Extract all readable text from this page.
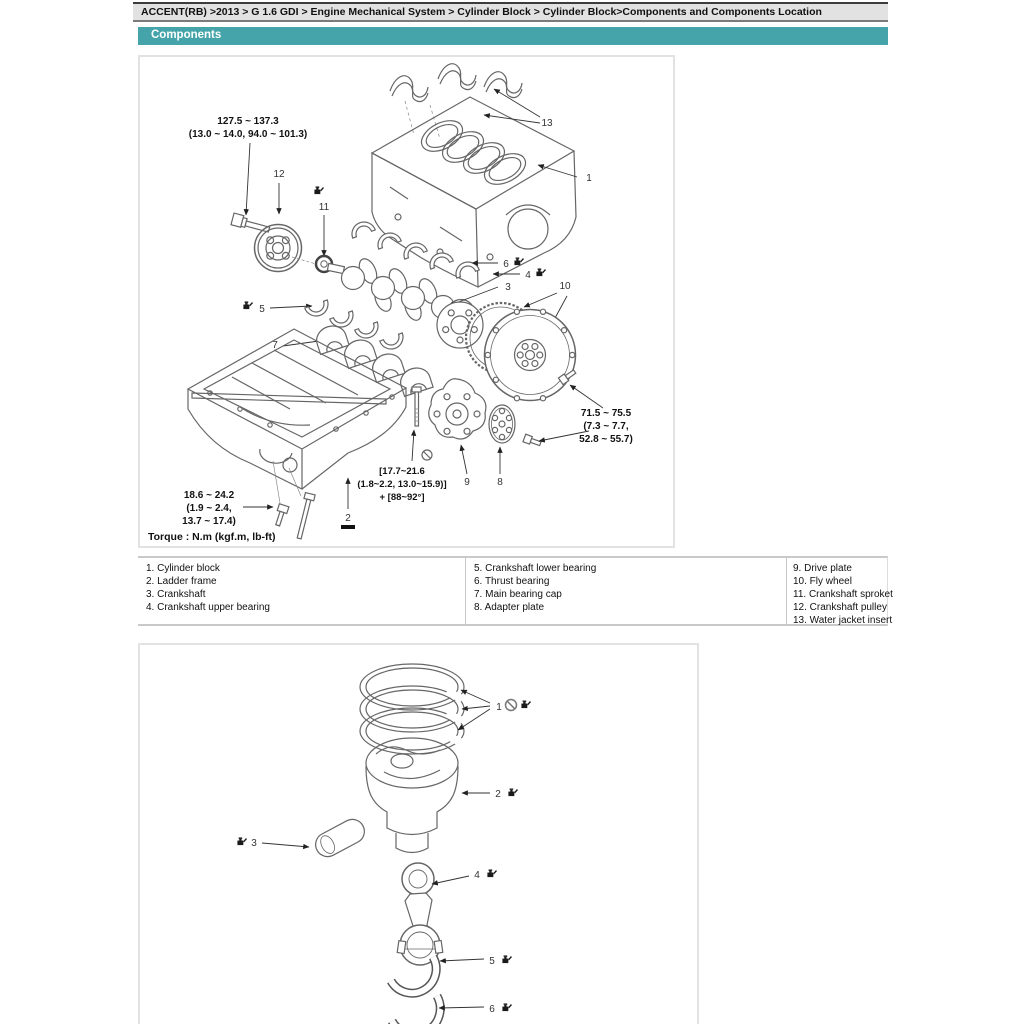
ACCENT(RB) >2013 > G 1.6 GDI > Engine Mechanical System > Cylinder Block > Cylinder Block>Components and Components Location
Components
1
13
127.5 ~ 137.3
(13.0 ~ 14.0, 94.0 ~ 101.3)
12
11
3
6
4
10
71.5 ~ 75.5
(7.3 ~ 7.7,
52.8 ~ 55.7)
5
7
2
18.6 ~ 24.2
(1.9 ~ 2.4,
13.7 ~ 17.4)
[17.7~21.6
(1.8~2.2, 13.0~15.9)]
+ [88~92°]
9	8
Torque : N.m (kgf.m, lb-ft)
1. Cylinder block
2. Ladder frame
3. Crankshaft
4. Crankshaft upper bearing
5. Crankshaft lower bearing
6. Thrust bearing
7. Main bearing cap
8. Adapter plate
9. Drive plate
10. Fly wheel
11. Crankshaft sproket
12. Crankshaft pulley
13. Water jacket insert
1
2
3
4
5
6
